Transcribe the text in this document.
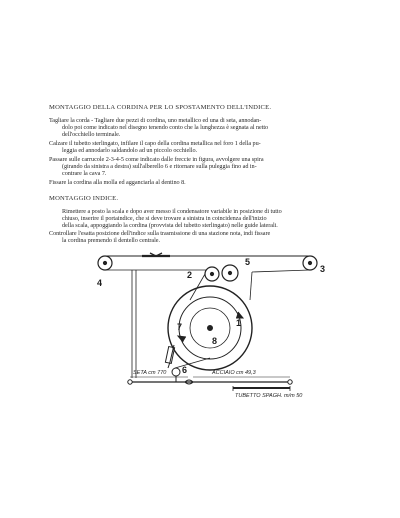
MONTAGGIO DELLA CORDINA PER LO SPOSTAMENTO DELL'INDICE.
Tagliare la corda - Tagliare due pezzi di cordina, uno metallico ed una di seta, annodan-
dolo poi come indicato nel disegno tenendo conto che la lunghezza è segnata al netto
dell'occhiello terminale.
Calzare il tubetto sterlingato, infilare il capo della cordina metallica nel foro 1 della pu-
leggia ed annodarlo saldandolo ad un piccolo occhiello.
Passare sulle carrucole 2-3-4-5 come indicato dalle freccie in figura, avvolgere una spira
(girando da sinistra a destra) sull'alberello 6 e ritornare sulla puleggia fino ad in-
contrare la cava 7.
Fissare la cordina alla molla ed agganciarla al dentino 8.
MONTAGGIO INDICE.
Rimettere a posto la scala e dopo aver messo il condensatore variabile in posizione di tutto
chiuso, inserire il portaindice, che si deve trovare a sinistra in coincidenza dell'inizio
della scala, appoggiando la cordina (provvista del tubetto sterlingato) nelle guide laterali.
Controllare l'esatta posizione dell'indice sulla trasmissione di una stazione nota, indi fissare
la cordina premendo il dentello centrale.
4
3
2
5
1
7
8
6
SETA cm 770	ACCIAIO cm 49,3
TUBETTO SPAGH. m/m 50
